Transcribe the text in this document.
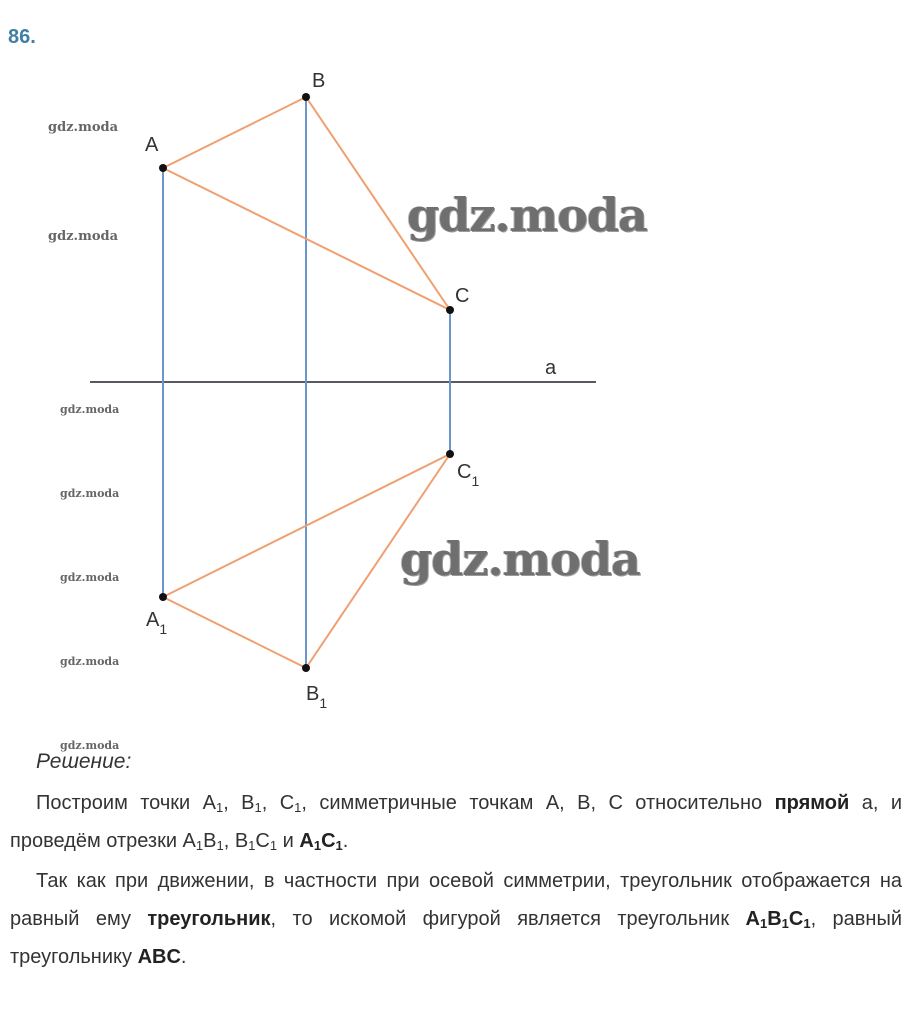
86.
A
B
C
a
$C_1$
$A_1$
$B_1$
gdz.moda
gdz.moda
gdz.moda
gdz.moda
gdz.moda
gdz.moda
gdz.moda
gdz.moda
gdz.moda
Решение:

Построим точки $A_1$, $B_1$, $C_1$, симметричные точкам A, B, C относительно прямой a, и проведём отрезки $A_1B_1$, $B_1C_1$ и $A_1C_1$.

Так как при движении, в частности при осевой симметрии, треугольник отображается на равный ему треугольник, то искомой фигурой является треугольник $A_1B_1C_1$, равный треугольнику ABC.
